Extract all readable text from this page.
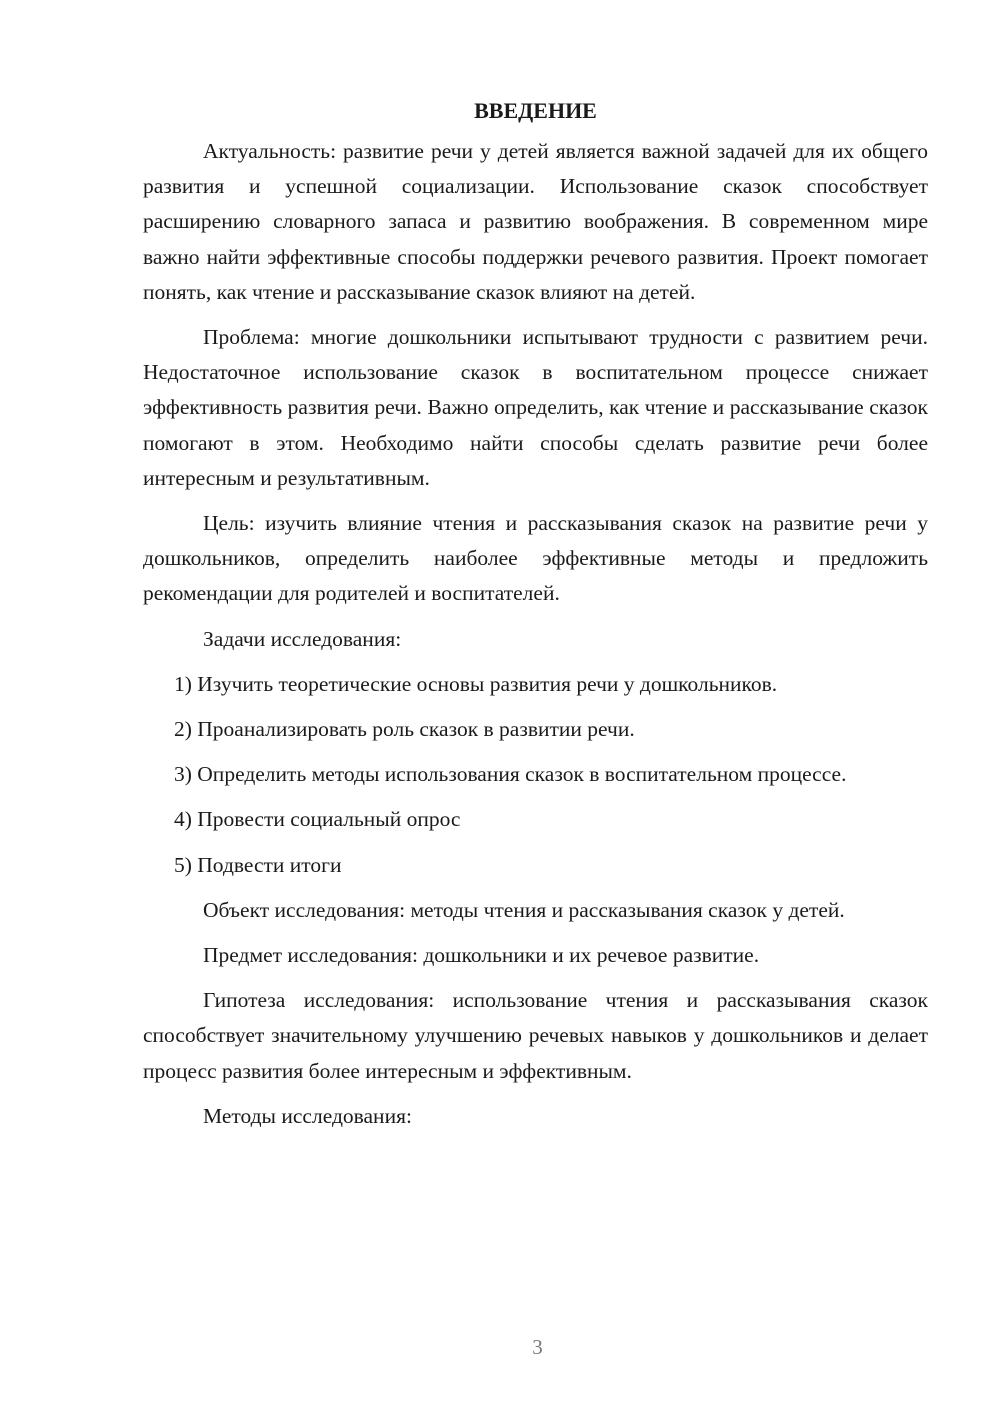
ВВЕДЕНИЕ

Актуальность: развитие речи у детей является важной задачей для их общего развития и успешной социализации. Использование сказок способствует расширению словарного запаса и развитию воображения. В современном мире важно найти эффективные способы поддержки речевого развития. Проект помогает понять, как чтение и рассказывание сказок влияют на детей.

Проблема: многие дошкольники испытывают трудности с развитием речи. Недостаточное использование сказок в воспитательном процессе снижает эффективность развития речи. Важно определить, как чтение и рассказывание сказок помогают в этом. Необходимо найти способы сделать развитие речи более интересным и результативным.

Цель: изучить влияние чтения и рассказывания сказок на развитие речи у дошкольников, определить наиболее эффективные методы и предложить рекомендации для родителей и воспитателей.

Задачи исследования:

1) Изучить теоретические основы развития речи у дошкольников.

2) Проанализировать роль сказок в развитии речи.

3) Определить методы использования сказок в воспитательном процессе.

4) Провести социальный опрос

5) Подвести итоги

Объект исследования: методы чтения и рассказывания сказок у детей.

Предмет исследования: дошкольники и их речевое развитие.

Гипотеза исследования: использование чтения и рассказывания сказок способствует значительному улучшению речевых навыков у дошкольников и делает процесс развития более интересным и эффективным.

Методы исследования:

3
